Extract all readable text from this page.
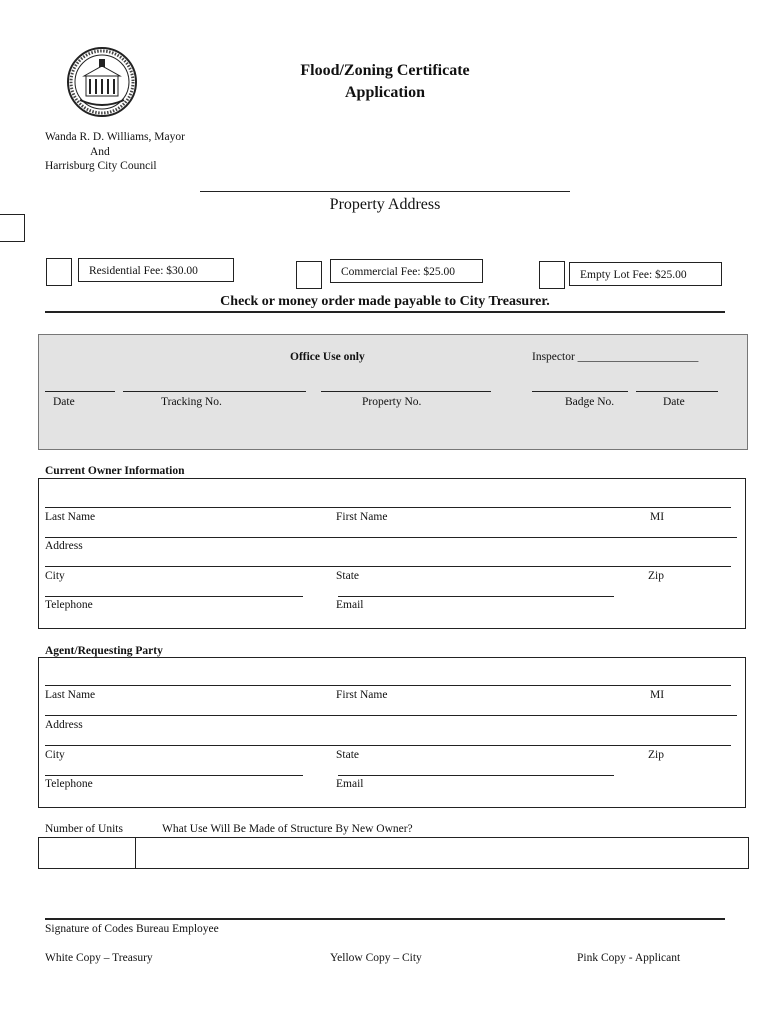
Flood/Zoning Certificate
Application
Wanda R. D. Williams, Mayor
And
Harrisburg City Council
Property Address
Residential Fee: $30.00	Commercial Fee: $25.00	Empty Lot Fee: $25.00
Check or money order made payable to City Treasurer.
Office Use only	Inspector _____________________
Date	Tracking No.	Property No.	Badge No.	Date
Current Owner Information
Last Name	First Name	MI
Address
City	State	Zip
Telephone	Email
Agent/Requesting Party
Last Name	First Name	MI
Address
City	State	Zip
Telephone	Email
Number of Units	What Use Will Be Made of Structure By New Owner?
Signature of Codes Bureau Employee
White Copy – Treasury	Yellow Copy – City	Pink Copy - Applicant
